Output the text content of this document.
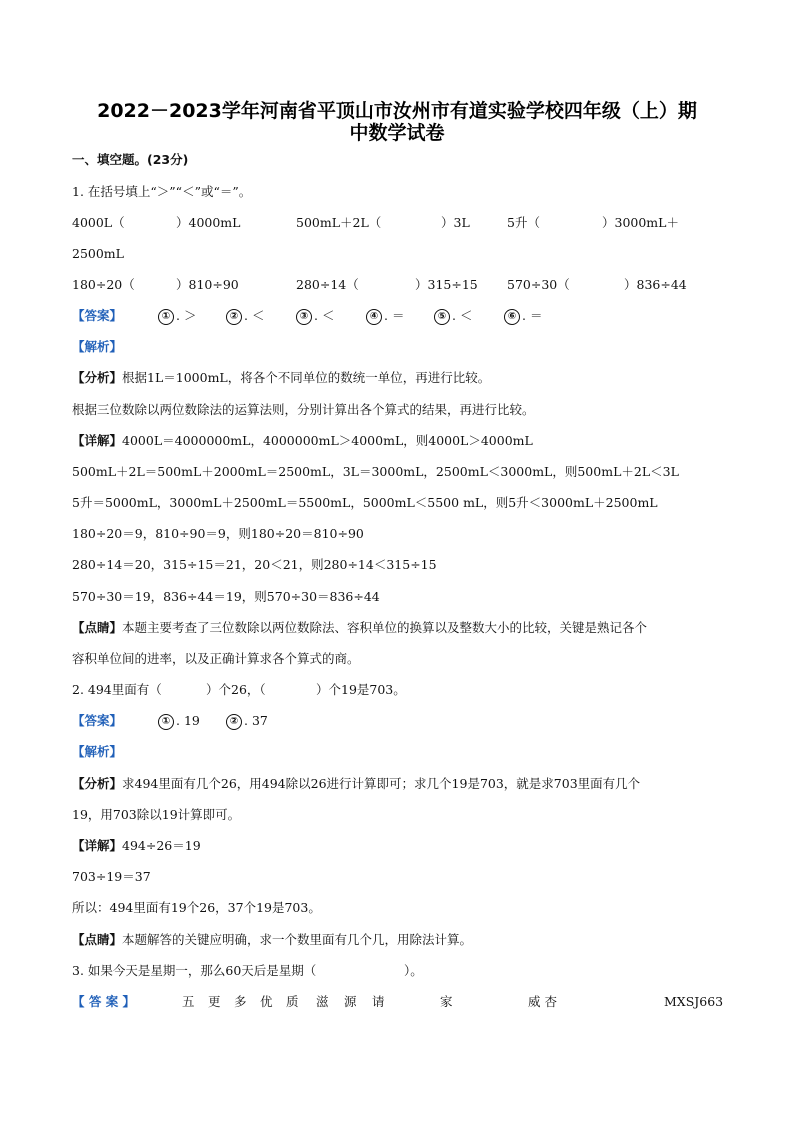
2022－2023学年河南省平顶山市汝州市有道实验学校四年级（上）期
中数学试卷
一、填空题。(23分)
1. 在括号填上“＞”“＜”或“＝”。
4000L（	）4000mL	500mL＋2L（	）3L	5升（	）3000mL＋
2500mL
180÷20（	）810÷90	280÷14（	）315÷15 570÷30（	）836÷44
【答案】	① . ＞	② . ＜	③ . ＜	④ . ＝	⑤ . ＜	⑥ . ＝
【解析】
【分析】根据1L＝1000mL，将各个不同单位的数统一单位，再进行比较。
根据三位数除以两位数除法的运算法则，分别计算出各个算式的结果，再进行比较。
【详解】4000L＝4000000mL，4000000mL＞4000mL，则4000L＞4000mL
500mL＋2L＝500mL＋2000mL＝2500mL，3L＝3000mL，2500mL＜3000mL，则500mL＋2L＜3L
5升＝5000mL，3000mL＋2500mL＝5500mL，5000mL＜5500 mL，则5升＜3000mL＋2500mL
180÷20＝9，810÷90＝9，则180÷20＝810÷90
280÷14＝20，315÷15＝21，20＜21，则280÷14＜315÷15
570÷30＝19，836÷44＝19，则570÷30＝836÷44
【点睛】本题主要考查了三位数除以两位数除法、容积单位的换算以及整数大小的比较，关键是熟记各个
容积单位间的进率，以及正确计算求各个算式的商。
2. 494里面有（	）个26，（	）个19是703。
【答案】	① . 19	② . 37
【解析】
【分析】求494里面有几个26，用494除以26进行计算即可；求几个19是703，就是求703里面有几个
19，用703除以19计算即可。
【详解】494÷26＝19
703÷19＝37
所以：494里面有19个26，37个19是703。
【点睛】本题解答的关键应明确，求一个数里面有几个几，用除法计算。
3. 如果今天是星期一，那么60天后是星期（	）。
【 答 案 】	五 更 多 优 质 滋 源 请	家	威 杏	MXSJ663
